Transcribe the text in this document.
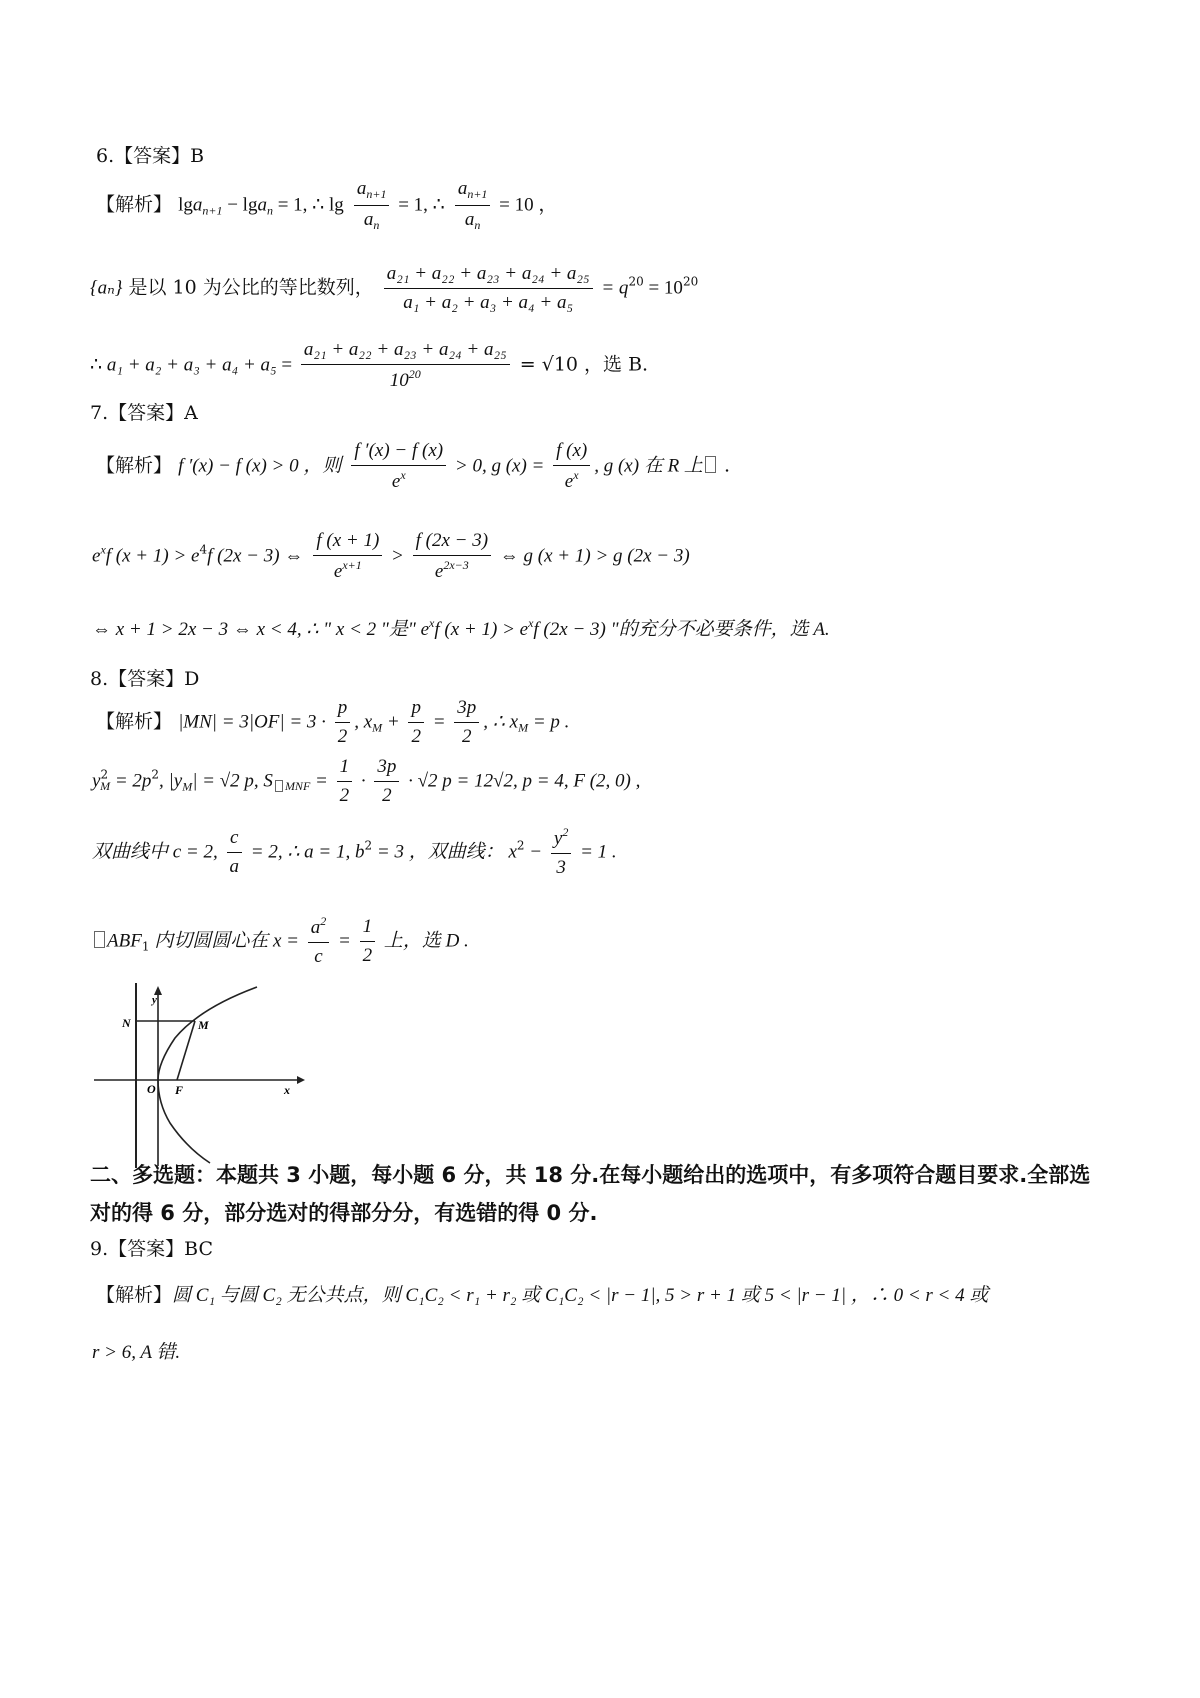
6.【答案】B
【解析】 lga$_{n+1}$ − lga$_n$ = 1, ∴ $\lg \frac{a_{n+1}}{a_n} = 1$, ∴ $\frac{a_{n+1}}{a_n} = 10$ ，
{aₙ} 是以 10 为公比的等比数列， $\frac{\text{a₂₁ + a₂₂ + a₂₃ + a₂₄ + a₂₅}}{\text{a₁ + a₂ + a₃ + a₄ + a₅}} = q^{20} = 10^{20}$
∴ $a_1 + a_2 + a_3 + a_4 + a_5 = \frac{\text{a₂₁ + a₂₂ + a₂₃ + a₂₄ + a₂₅}}{10^{20}} = √10$ ，选 B.
7.【答案】A
【解析】 f ′(x) − f (x) > 0 ，则 $\frac{f '(x) - f (x)}{e^x} > 0$, g $(x) = \frac{f (x)}{e^x}$ , g (x) 在 R 上 .
$e^xf$ $(x + 1) > e^4f$ (2x − 3) ⇔ $\frac{f (x + 1)}{e^{x+1}} > \frac{f (2x - 3)}{e^{2x-3}}$ ⇔ g (x + 1) > g (2x − 3)
⇔ x + 1 > 2x − 3 ⇔ x < 4, ∴ " x < 2 "是" $e^xf$ $(x + 1) > e^xf$ (2x − 3) "的充分不必要条件，选 A.
8.【答案】D
【解析】 $|MN| = 3|OF| = 3 \cdot \frac{p}{2}$ , $x_M + \frac{p}{2} = \frac{3p}{2}$ , ∴ $x_M = p$ .
$y^2_M = 2p^2$, $|y_M| = √2$ p, S $_{MNF} = \frac{1}{2} \cdot \frac{3p}{2} \cdot √2$ p = 12√2, p = 4, F (2, 0) ,
双曲线中 c = 2, $\frac{c}{a} = 2$, ∴ a = 1, $b^2 = 3$ ，双曲线： $x^2 - \frac{y^2}{3} = 1$ .
$ABF_1$ 内切圆圆心在 $x = \frac{a^2}{c} = \frac{1}{2}$ 上，选 D .
y
x
N	M
O F
二、多选题：本题共 3 小题，每小题 6 分，共 18 分.在每小题给出的选项中，有多项符合题目要求.全部选对的得 6 分，部分选对的得部分分，有选错的得 0 分.
9.【答案】BC
【解析】圆 C₁ 与圆 C₂ 无公共点，则 C₁C₂ < r₁ + r₂ 或 C₁C₂ < |r − 1|, 5 > r + 1 或 5 < |r − 1| ，∴ 0 < r < 4 或
r > 6, A 错.
